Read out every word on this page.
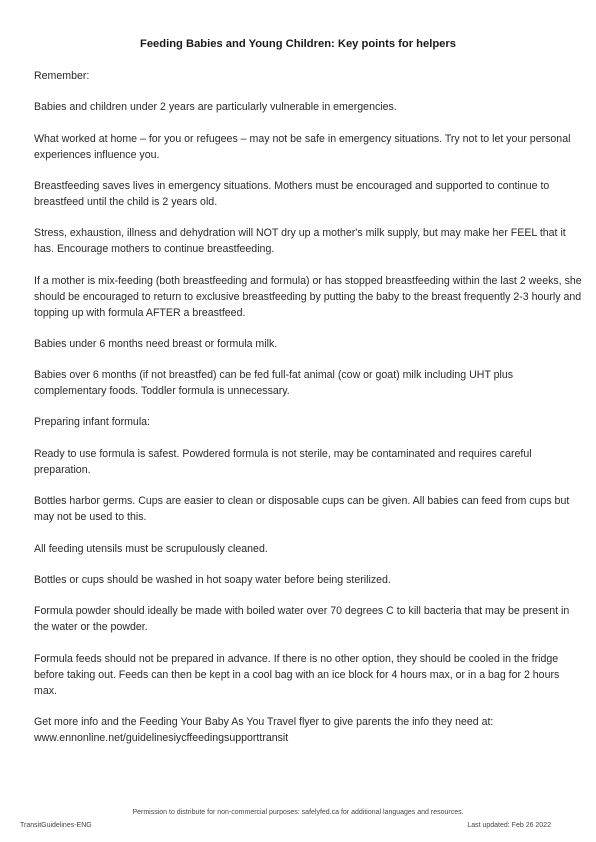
Feeding Babies and Young Children: Key points for helpers
Remember:
Babies and children under 2 years are particularly vulnerable in emergencies.
What worked at home – for you or refugees – may not be safe in emergency situations. Try not to let your personal experiences influence you.
Breastfeeding saves lives in emergency situations. Mothers must be encouraged and supported to continue to breastfeed until the child is 2 years old.
Stress, exhaustion, illness and dehydration will NOT dry up a mother's milk supply, but may make her FEEL that it has. Encourage mothers to continue breastfeeding.
If a mother is mix-feeding (both breastfeeding and formula) or has stopped breastfeeding within the last 2 weeks, she should be encouraged to return to exclusive breastfeeding by putting the baby to the breast frequently 2-3 hourly and topping up with formula AFTER a breastfeed.
Babies under 6 months need breast or formula milk.
Babies over 6 months (if not breastfed) can be fed full-fat animal (cow or goat) milk including UHT plus complementary foods. Toddler formula is unnecessary.
Preparing infant formula:
Ready to use formula is safest. Powdered formula is not sterile, may be contaminated and requires careful preparation.
Bottles harbor germs. Cups are easier to clean or disposable cups can be given. All babies can feed from cups but may not be used to this.
All feeding utensils must be scrupulously cleaned.
Bottles or cups should be washed in hot soapy water before being sterilized.
Formula powder should ideally be made with boiled water over 70 degrees C to kill bacteria that may be present in the water or the powder.
Formula feeds should not be prepared in advance. If there is no other option, they should be cooled in the fridge before taking out. Feeds can then be kept in a cool bag with an ice block for 4 hours max, or in a bag for 2 hours max.
Get more info and the Feeding Your Baby As You Travel flyer to give parents the info they need at: www.ennonline.net/guidelinesiycffeedingsupporttransit
Permission to distribute for non-commercial purposes: safelyfed.ca for additional languages and resources.
TransitGuidelines-ENG	Last updated: Feb 26 2022
